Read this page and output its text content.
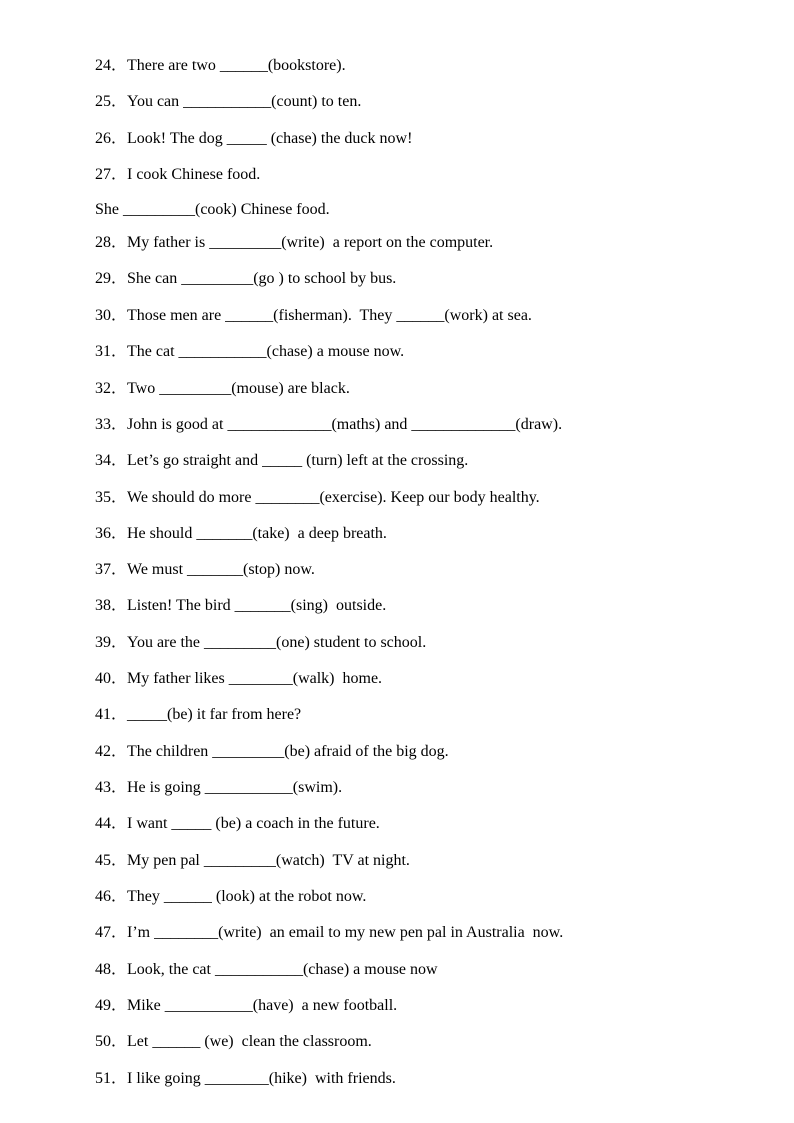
24．There are two ______(bookstore).
25．You can ___________(count) to ten.
26．Look! The dog _____ (chase) the duck now!
27．I cook Chinese food.
She _________(cook) Chinese food.
28．My father is _________(write)  a report on the computer.
29．She can _________(go ) to school by bus.
30．Those men are ______(fisherman).  They ______(work) at sea.
31．The cat ___________(chase) a mouse now.
32．Two _________(mouse) are black.
33．John is good at _____________(maths) and _____________(draw).
34．Let’s go straight and _____ (turn) left at the crossing.
35．We should do more ________(exercise). Keep our body healthy.
36．He should _______(take)  a deep breath.
37．We must _______(stop) now.
38．Listen! The bird _______(sing)  outside.
39．You are the _________(one) student to school.
40．My father likes ________(walk)  home.
41．_____(be) it far from here?
42．The children _________(be) afraid of the big dog.
43．He is going ___________(swim).
44．I want _____ (be) a coach in the future.
45．My pen pal _________(watch)  TV at night.
46．They ______ (look) at the robot now.
47．I’m ________(write)  an email to my new pen pal in Australia  now.
48．Look, the cat ___________(chase) a mouse now
49．Mike ___________(have)  a new football.
50．Let ______ (we)  clean the classroom.
51．I like going ________(hike)  with friends.
